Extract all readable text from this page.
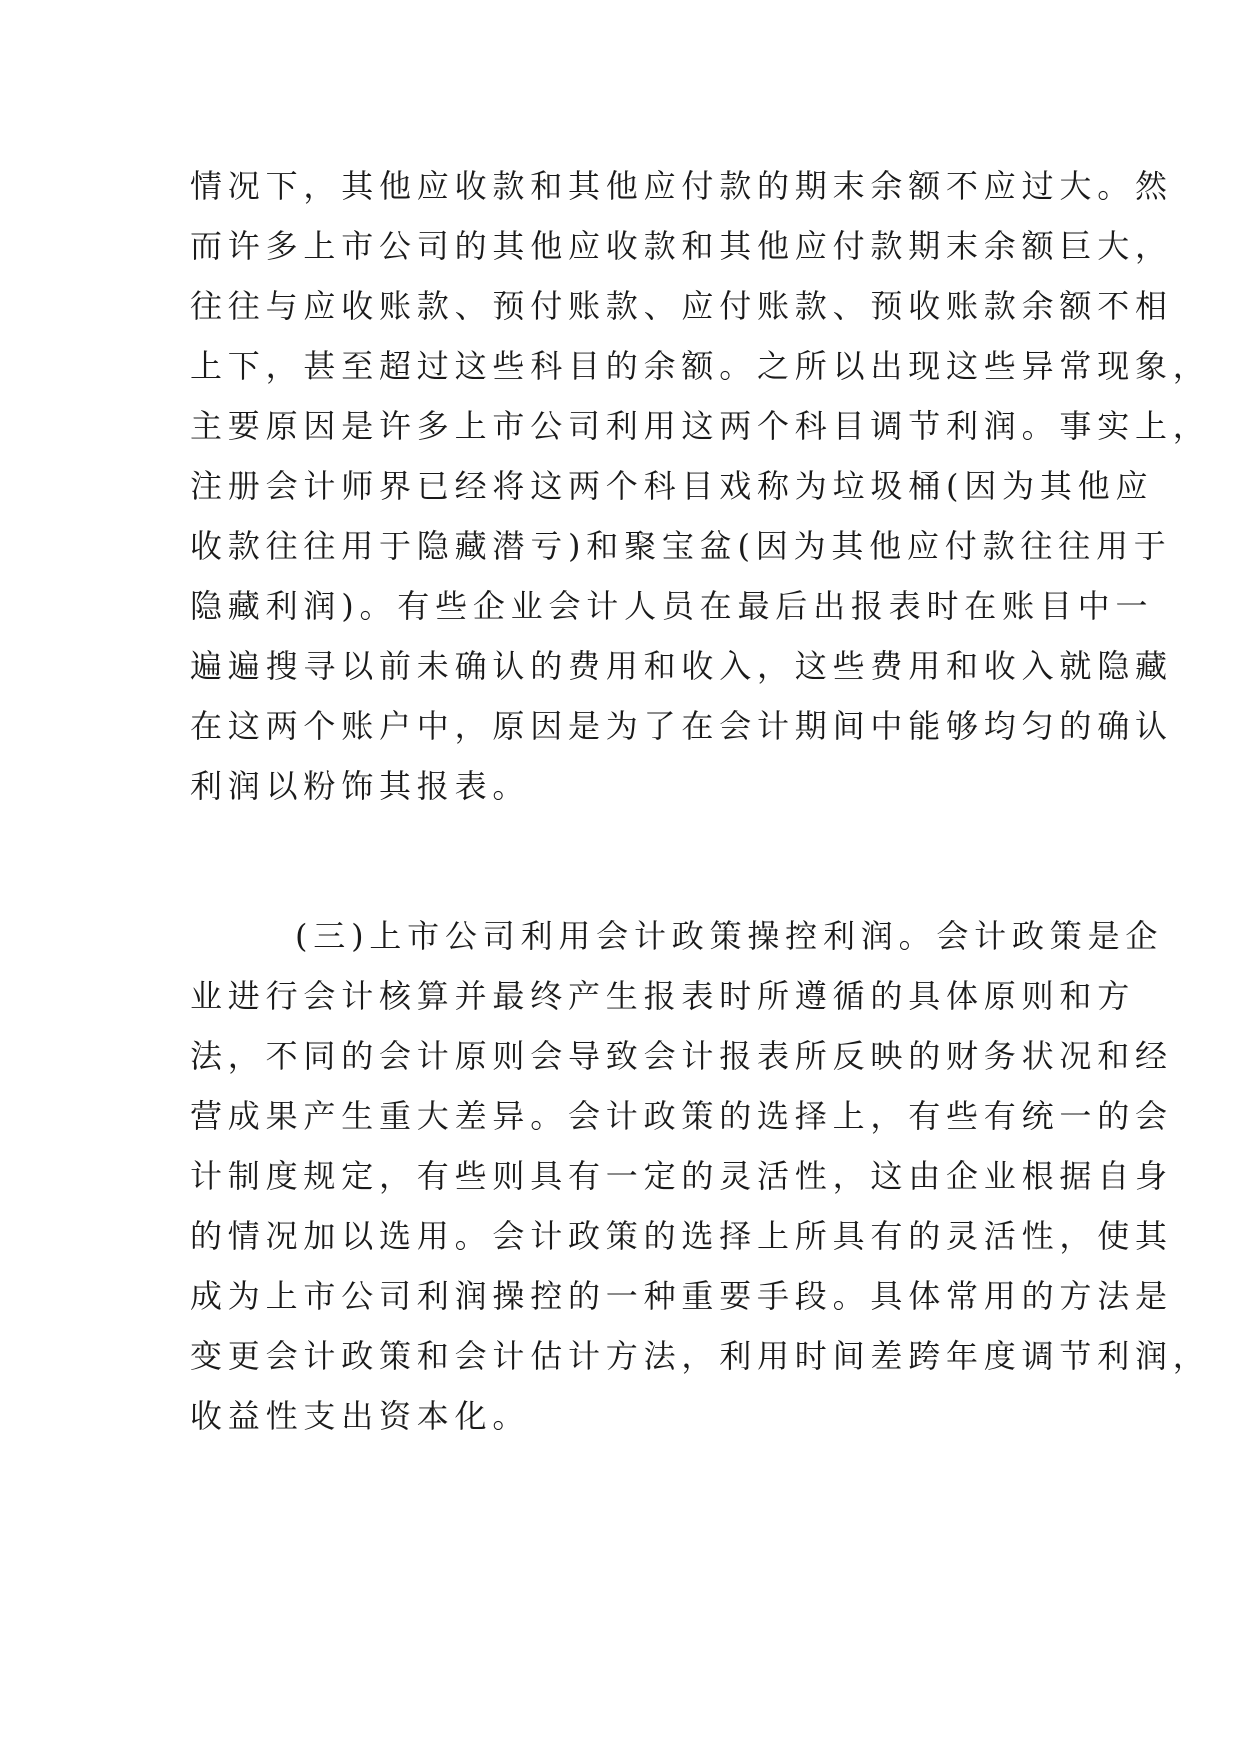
情况下，其他应收款和其他应付款的期末余额不应过大。然
而许多上市公司的其他应收款和其他应付款期末余额巨大，
往往与应收账款、预付账款、应付账款、预收账款余额不相
上下，甚至超过这些科目的余额。之所以出现这些异常现象，
主要原因是许多上市公司利用这两个科目调节利润。事实上，
注册会计师界已经将这两个科目戏称为垃圾桶(因为其他应
收款往往用于隐藏潜亏)和聚宝盆(因为其他应付款往往用于
隐藏利润)。有些企业会计人员在最后出报表时在账目中一
遍遍搜寻以前未确认的费用和收入，这些费用和收入就隐藏
在这两个账户中，原因是为了在会计期间中能够均匀的确认
利润以粉饰其报表。
(三)上市公司利用会计政策操控利润。会计政策是企
业进行会计核算并最终产生报表时所遵循的具体原则和方
法，不同的会计原则会导致会计报表所反映的财务状况和经
营成果产生重大差异。会计政策的选择上，有些有统一的会
计制度规定，有些则具有一定的灵活性，这由企业根据自身
的情况加以选用。会计政策的选择上所具有的灵活性，使其
成为上市公司利润操控的一种重要手段。具体常用的方法是
变更会计政策和会计估计方法，利用时间差跨年度调节利润，
收益性支出资本化。
